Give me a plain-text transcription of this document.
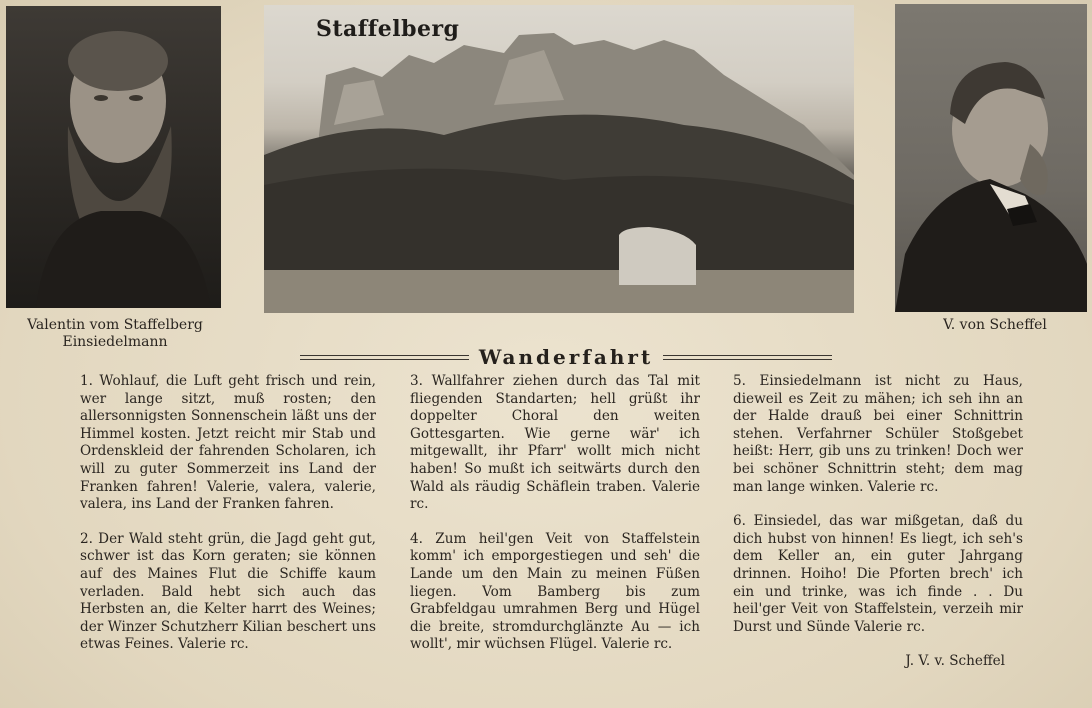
Staffelberg
Valentin vom Staffelberg
Einsiedelmann
V. von Scheffel
Wanderfahrt

1. Wohlauf, die Luft geht frisch und rein, wer lange sitzt, muß rosten; den allersonnigsten Sonnenschein läßt uns der Himmel kosten. Jetzt reicht mir Stab und Ordenskleid der fahrenden Scholaren, ich will zu guter Sommerzeit ins Land der Franken fahren! Valerie, valera, valerie, valera, ins Land der Franken fahren.

2. Der Wald steht grün, die Jagd geht gut, schwer ist das Korn geraten; sie können auf des Maines Flut die Schiffe kaum verladen. Bald hebt sich auch das Herbsten an, die Kelter harrt des Weines; der Winzer Schutzherr Kilian beschert uns etwas Feines. Valerie rc.

3. Wallfahrer ziehen durch das Tal mit fliegenden Standarten; hell grüßt ihr doppelter Choral den weiten Gottesgarten. Wie gerne wär' ich mitgewallt, ihr Pfarr' wollt mich nicht haben! So mußt ich seitwärts durch den Wald als räudig Schäflein traben. Valerie rc.

4. Zum heil'gen Veit von Staffelstein komm' ich emporgestiegen und seh' die Lande um den Main zu meinen Füßen liegen. Vom Bamberg bis zum Grabfeldgau umrahmen Berg und Hügel die breite, stromdurchglänzte Au — ich wollt', mir wüchsen Flügel. Valerie rc.

5. Einsiedelmann ist nicht zu Haus, dieweil es Zeit zu mähen; ich seh ihn an der Halde drauß bei einer Schnittrin stehen. Verfahrner Schüler Stoßgebet heißt: Herr, gib uns zu trinken! Doch wer bei schöner Schnittrin steht; dem mag man lange winken. Valerie rc.

6. Einsiedel, das war mißgetan, daß du dich hubst von hinnen! Es liegt, ich seh's dem Keller an, ein guter Jahrgang drinnen. Hoiho! Die Pforten brech' ich ein und trinke, was ich finde . . Du heil'ger Veit von Staffelstein, verzeih mir Durst und Sünde Valerie rc.

J. V. v. Scheffel
